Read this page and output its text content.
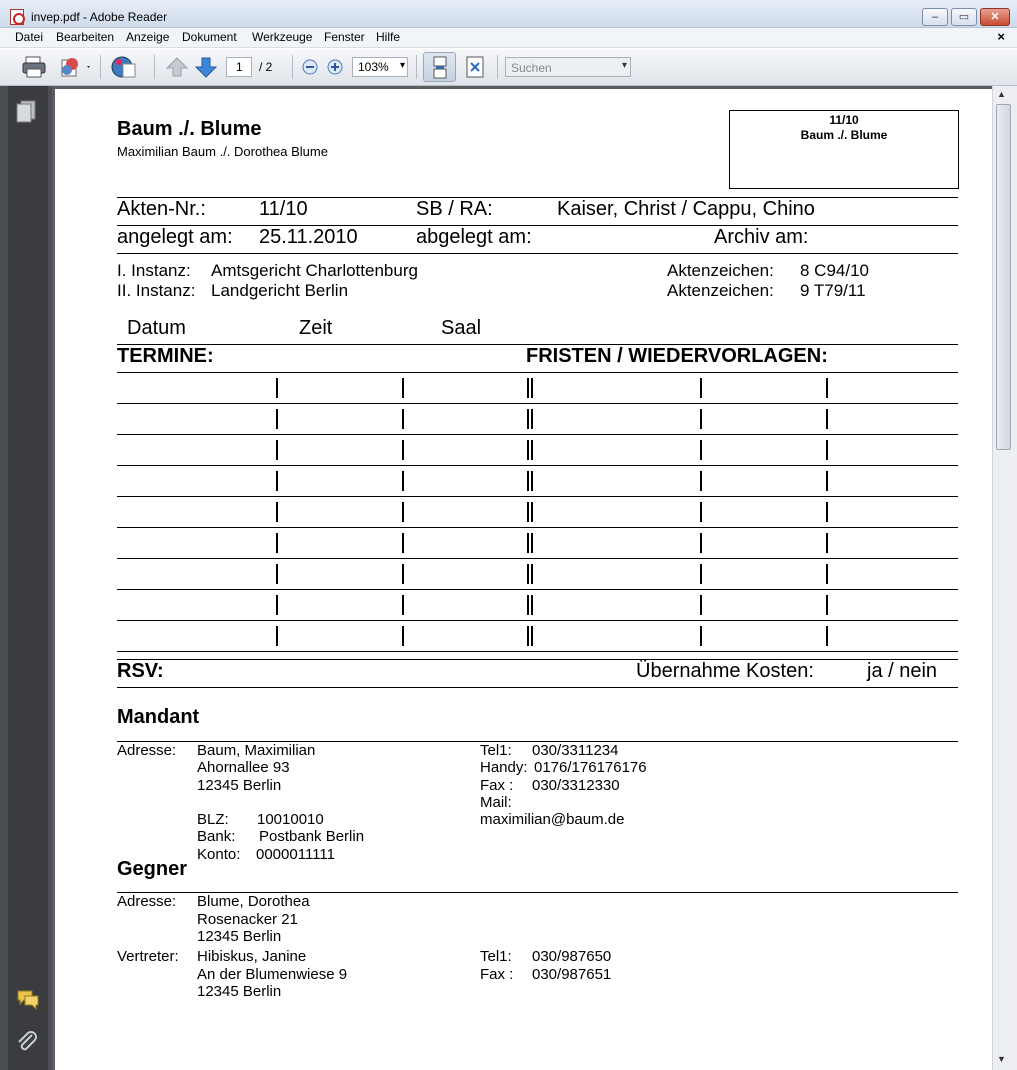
invep.pdf - Adobe Reader	‒	▭	✕
Datei Bearbeiten Anzeige Dokument Werkzeuge Fenster Hilfe	×
1	/ 2	103% ▾	Suchen ▾
Baum ./. Blume
Maximilian Baum ./. Dorothea Blume
11/10
Baum ./. Blume
Akten-Nr.:	11/10	SB / RA:	Kaiser, Christ / Cappu, Chino
angelegt am: 25.11.2010	abgelegt am:	Archiv am:
I. Instanz: Amtsgericht Charlottenburg	Aktenzeichen: 8 C94/10
II. Instanz: Landgericht Berlin	Aktenzeichen: 9 T79/11
Datum	Zeit	Saal
TERMINE:	FRISTEN / WIEDERVORLAGEN:
RSV:	Übernahme Kosten:	ja / nein
Mandant
Adresse: Baum, Maximilian
Ahornallee 93
12345 Berlin
BLZ: 10010010
Bank: Postbank Berlin
Konto: 0000011111
Tel1: 030/3311234
Handy: 0176/176176176
Fax : 030/3312330
Mail:
maximilian@baum.de
Gegner
Adresse: Blume, Dorothea
Rosenacker 21
12345 Berlin
Vertreter: Hibiskus, Janine
An der Blumenwiese 9
12345 Berlin
Tel1: 030/987650
Fax : 030/987651
▲
▼
